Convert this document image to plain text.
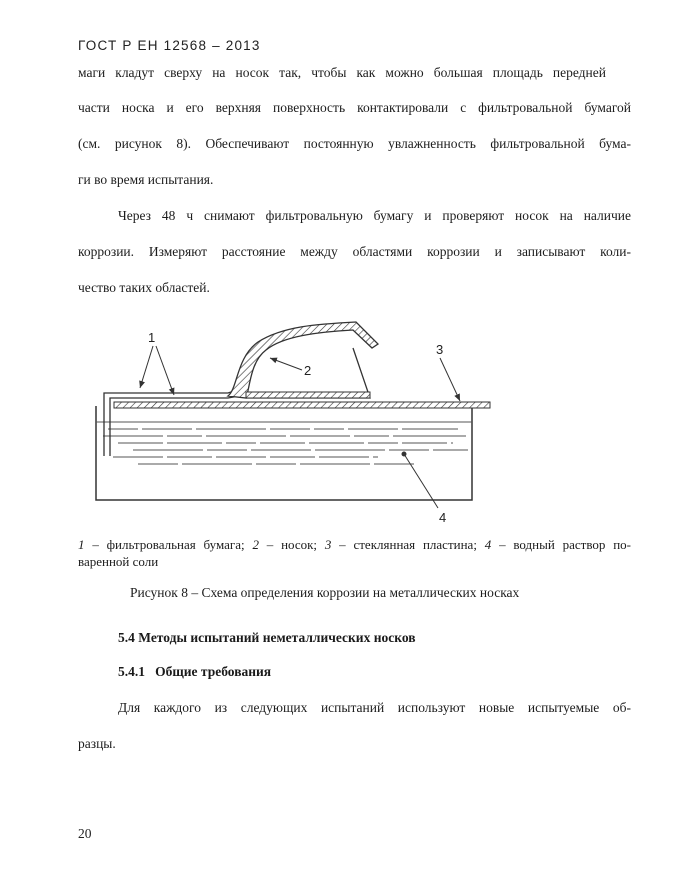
ГОСТ Р ЕН 12568 – 2013
маги кладут сверху на носок так, чтобы как можно большая площадь передней
части носка и его верхняя поверхность контактировали с фильтровальной бумагой
(см. рисунок 8). Обеспечивают постоянную увлажненность фильтровальной бума-
ги во время испытания.
Через 48 ч снимают фильтровальную бумагу и проверяют носок на наличие
коррозии. Измеряют расстояние между областями коррозии и записывают коли-
чество таких областей.
1
2
3
4
1 – фильтровальная бумага; 2 – носок; 3 – стеклянная пластина; 4 – водный раствор по-
варенной соли
Рисунок 8 – Схема определения коррозии на металлических носках
5.4 Методы испытаний неметаллических носков
5.4.1 Общие требования
Для каждого из следующих испытаний используют новые испытуемые об-
разцы.
20
